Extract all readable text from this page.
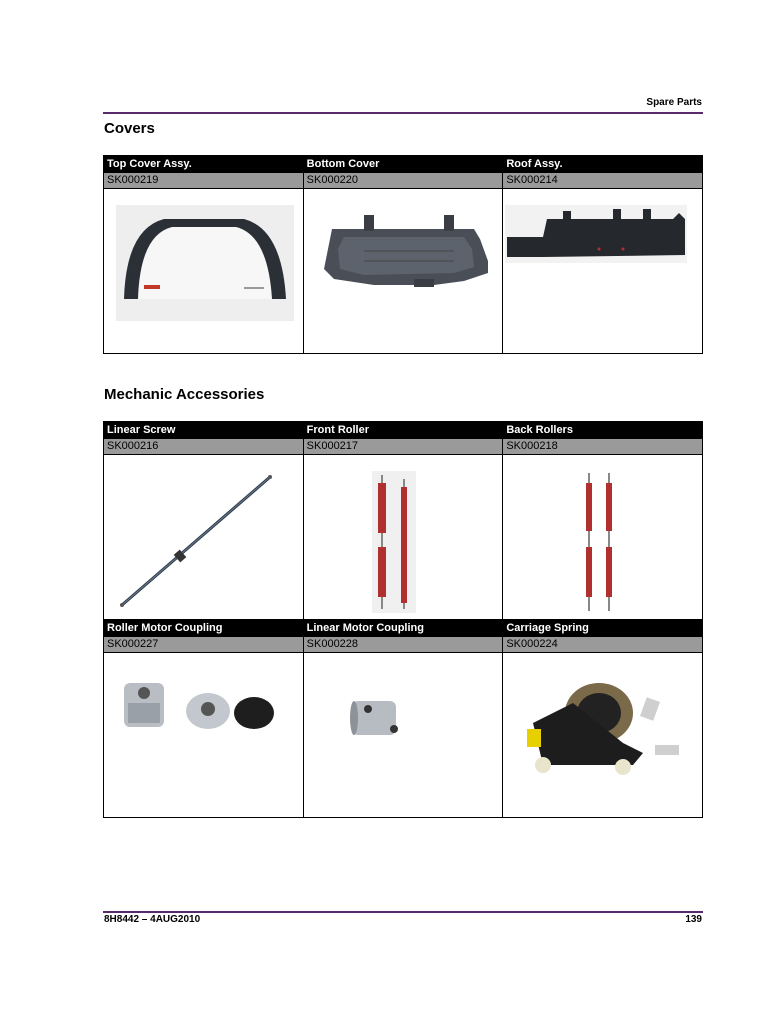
Spare Parts
Covers
Top Cover Assy.	Bottom Cover	Roof Assy.
SK000219	SK000220	SK000214

Mechanic Accessories
Linear Screw	Front Roller	Back Rollers
SK000216	SK000217	SK000218

Roller Motor Coupling	Linear Motor Coupling	Carriage Spring
SK000227	SK000228	SK000224

8H8442 – 4AUG2010	139
